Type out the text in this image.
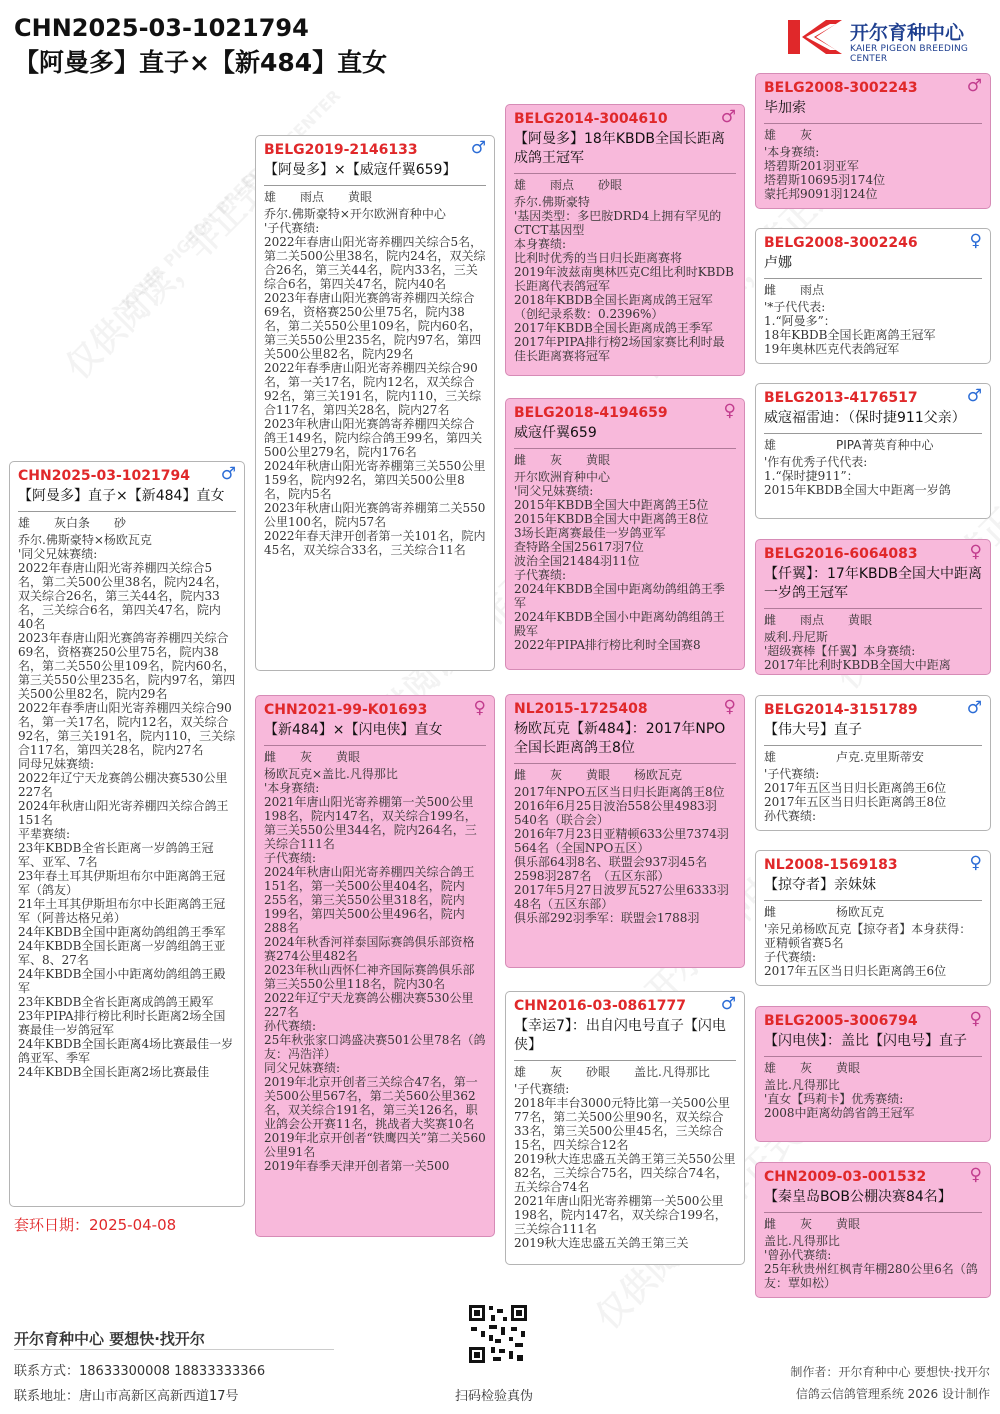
CHN2025-03-1021794
【阿曼多】直子×【新484】直女
开尔育种中心
KAIER PIGEON BREEDING CENTER
CHN2025-03-1021794	♂
【阿曼多】直子×【新484】直女
雄　　灰白条　　砂
乔尔.佛斯豪特×杨欧瓦克
'同父兄妹赛绩:
2022年春唐山阳光寄养棚四关综合5名，第二关500公里38名，院内24名，双关综合26名，第三关44名，院内33名，三关综合6名，第四关47名，院内40名
2023年春唐山阳光赛鸽寄养棚四关综合69名，资格赛250公里75名，院内38名，第二关550公里109名，院内60名，第三关550公里235名，院内97名，第四关500公里82名，院内29名
2022年春季唐山阳光寄养棚四关综合90名，第一关17名，院内12名，双关综合92名，第三关191名，院内110，三关综合117名，第四关28名，院内27名
同母兄妹赛绩:
2022年辽宁天龙赛鸽公棚决赛530公里227名
2024年秋唐山阳光寄养棚四关综合鸽王151名
平辈赛绩:
23年KBDB全省长距离一岁鸽鸽王冠军、亚军、7名
23年春土耳其伊斯坦布尔中距离鸽王冠军（鸽友）
21年土耳其伊斯坦布尔中长距离鸽王冠军（阿普达格兄弟）
24年KBDB全国中距离幼鸽组鸽王季军
24年KBDB全国长距离一岁鸽组鸽王亚军、8、27名
24年KBDB全国小中距离幼鸽组鸽王殿军
23年KBDB全省长距离成鸽鸽王殿军
23年PIPA排行榜比利时长距离2场全国赛最佳一岁鸽冠军
24年KBDB全国长距离4场比赛最佳一岁鸽亚军、季军
24年KBDB全国长距离2场比赛最佳
BELG2019-2146133	♂
【阿曼多】×【威寇仟翼659】
雄　　雨点　　黄眼
乔尔.佛斯豪特×开尔欧洲育种中心
'子代赛绩:
2022年春唐山阳光寄养棚四关综合5名，第二关500公里38名，院内24名，双关综合26名，第三关44名，院内33名，三关综合6名，第四关47名，院内40名
2023年春唐山阳光赛鸽寄养棚四关综合69名，资格赛250公里75名，院内38名，第二关550公里109名，院内60名，第三关550公里235名，院内97名，第四关500公里82名，院内29名
2022年春季唐山阳光寄养棚四关综合90名，第一关17名，院内12名，双关综合92名，第三关191名，院内110，三关综合117名，第四关28名，院内27名
2023年秋唐山阳光赛鸽寄养棚四关综合鸽王149名，院内综合鸽王99名，第四关500公里279名，院内176名
2024年秋唐山阳光寄养棚第三关550公里159名，院内92名，第四关500公里8名，院内5名
2023年秋唐山阳光赛鸽寄养棚第二关550公里100名，院内57名
2022年春天津开创者第一关101名，院内45名，双关综合33名，三关综合11名
CHN2021-99-K01693	♀
【新484】×【闪电侠】直女
雌　　灰　　黄眼
杨欧瓦克×盖比.凡得那比
'本身赛绩:
2021年唐山阳光寄养棚第一关500公里198名，院内147名，双关综合199名，第三关550公里344名，院内264名，三关综合111名
子代赛绩:
2024年秋唐山阳光寄养棚四关综合鸽王151名，第一关500公里404名，院内255名，第三关550公里318名，院内199名，第四关500公里496名，院内288名
2024年秋香河祥泰国际赛鸽俱乐部资格赛274公里482名
2023年秋山西怀仁神齐国际赛鸽俱乐部第三关550公里118名，院内30名
2022年辽宁天龙赛鸽公棚决赛530公里227名
孙代赛绩:
25年秋张家口鸿盛决赛501公里78名（鸽友：冯浩洋）
同父兄妹赛绩:
2019年北京开创者三关综合47名，第一关500公里567名，第二关560公里362名，双关综合191名，第三关126名，职业鸽会公开赛11名，挑战者大奖赛10名
2019年北京开创者“铁鹰四关”第二关560公里91名
2019年春季天津开创者第一关500
BELG2014-3004610	♂
【阿曼多】18年KBDB全国长距离成鸽王冠军
雄　　雨点　　砂眼
乔尔.佛斯豪特
'基因类型：多巴胺DRD4上拥有罕见的CTCT基因型
本身赛绩:
比利时优秀的当日归长距离赛将
2019年波兹南奥林匹克C组比利时KBDB长距离代表鸽冠军
2018年KBDB全国长距离成鸽王冠军（创纪录系数：0.2396%）
2017年KBDB全国长距离成鸽王季军
2017年PIPA排行榜2场国家赛比利时最佳长距离赛将冠军
BELG2018-4194659	♀
威寇仟翼659
雌　　灰　　黄眼
开尔欧洲育种中心
'同父兄妹赛绩:
2015年KBDB全国大中距离鸽王5位
2015年KBDB全国大中距离鸽王8位
3场长距离赛最佳一岁鸽亚军
查特路全国25617羽7位
波治全国21484羽11位
子代赛绩:
2024年KBDB全国中距离幼鸽组鸽王季军
2024年KBDB全国小中距离幼鸽组鸽王殿军
2022年PIPA排行榜比利时全国赛8
NL2015-1725408	♀
杨欧瓦克【新484】：2017年NPO全国长距离鸽王8位
雌　　灰　　黄眼　　杨欧瓦克
2017年NPO五区当日归长距离鸽王8位
2016年6月25日波治558公里4983羽540名（联合会）
2016年7月23日亚精顿633公里7374羽564名（全国NPO五区）
俱乐部64羽8名、联盟会937羽45名
2598羽287名　（五区东部）
2017年5月27日波罗瓦527公里6333羽48名（五区东部）
俱乐部292羽季军：联盟会1788羽
CHN2016-03-0861777	♂
【幸运7】：出自闪电号直子【闪电侠】
雄　　灰　　砂眼　　盖比.凡得那比
'子代赛绩:
2018年丰台3000元特比第一关500公里77名，第二关500公里90名，双关综合33名，第三关500公里45名，三关综合15名，四关综合12名
2019秋大连忠盛五关鸽王第三关550公里82名，三关综合75名，四关综合74名，五关综合74名
2021年唐山阳光寄养棚第一关500公里198名，院内147名，双关综合199名，三关综合111名
2019秋大连忠盛五关鸽王第三关
BELG2008-3002243	♂
毕加索
雄　　灰
'本身赛绩:
塔碧斯201羽亚军
塔碧斯10695羽174位
蒙托邦9091羽124位
BELG2008-3002246	♀
卢娜
雌　　雨点
'*子代代表:
1.“阿曼多”：
18年KBDB全国长距离鸽王冠军
19年奥林匹克代表鸽冠军
BELG2013-4176517	♂
威寇福雷迪：（保时捷911父亲）
雄　　　　　PIPA菁英育种中心
'作有优秀子代代表:
1.“保时捷911”：
2015年KBDB全国大中距离一岁鸽
BELG2016-6064083	♀
【仟翼】：17年KBDB全国大中距离一岁鸽王冠军
雌　　雨点　　黄眼
威利.丹尼斯
'超级赛棒【仟翼】本身赛绩:
2017年比利时KBDB全国大中距离
BELG2014-3151789	♂
【伟大号】直子
雄　　　　　卢克.克里斯蒂安
'子代赛绩:
2017年五区当日归长距离鸽王6位
2017年五区当日归长距离鸽王8位
孙代赛绩:
NL2008-1569183	♀
【掠夺者】亲妹妹
雌　　　　　杨欧瓦克
'亲兄弟杨欧瓦克【掠夺者】本身获得：亚精顿省赛5名
子代赛绩:
2017年五区当日归长距离鸽王6位
BELG2005-3006794	♀
【闪电侠】：盖比【闪电号】直子
雄　　灰　　黄眼
盖比.凡得那比
'直女【玛莉卡】优秀赛绩:
2008中距离幼鸽省鸽王冠军
CHN2009-03-001532	♀
【秦皇岛BOB公棚决赛84名】
雌　　灰　　黄眼
盖比.凡得那比
'曾孙代赛绩:
25年秋贵州红枫青年棚280公里6名（鸽友：覃如松）
套环日期：2025-04-08
开尔育种中心 要想快·找开尔
联系方式：18633300008 18833333366
联系地址：唐山市高新区高新西道17号	扫码检验真伪
制作者：开尔育种中心 要想快·找开尔
信鸽云信鸽管理系统 2026 设计制作
